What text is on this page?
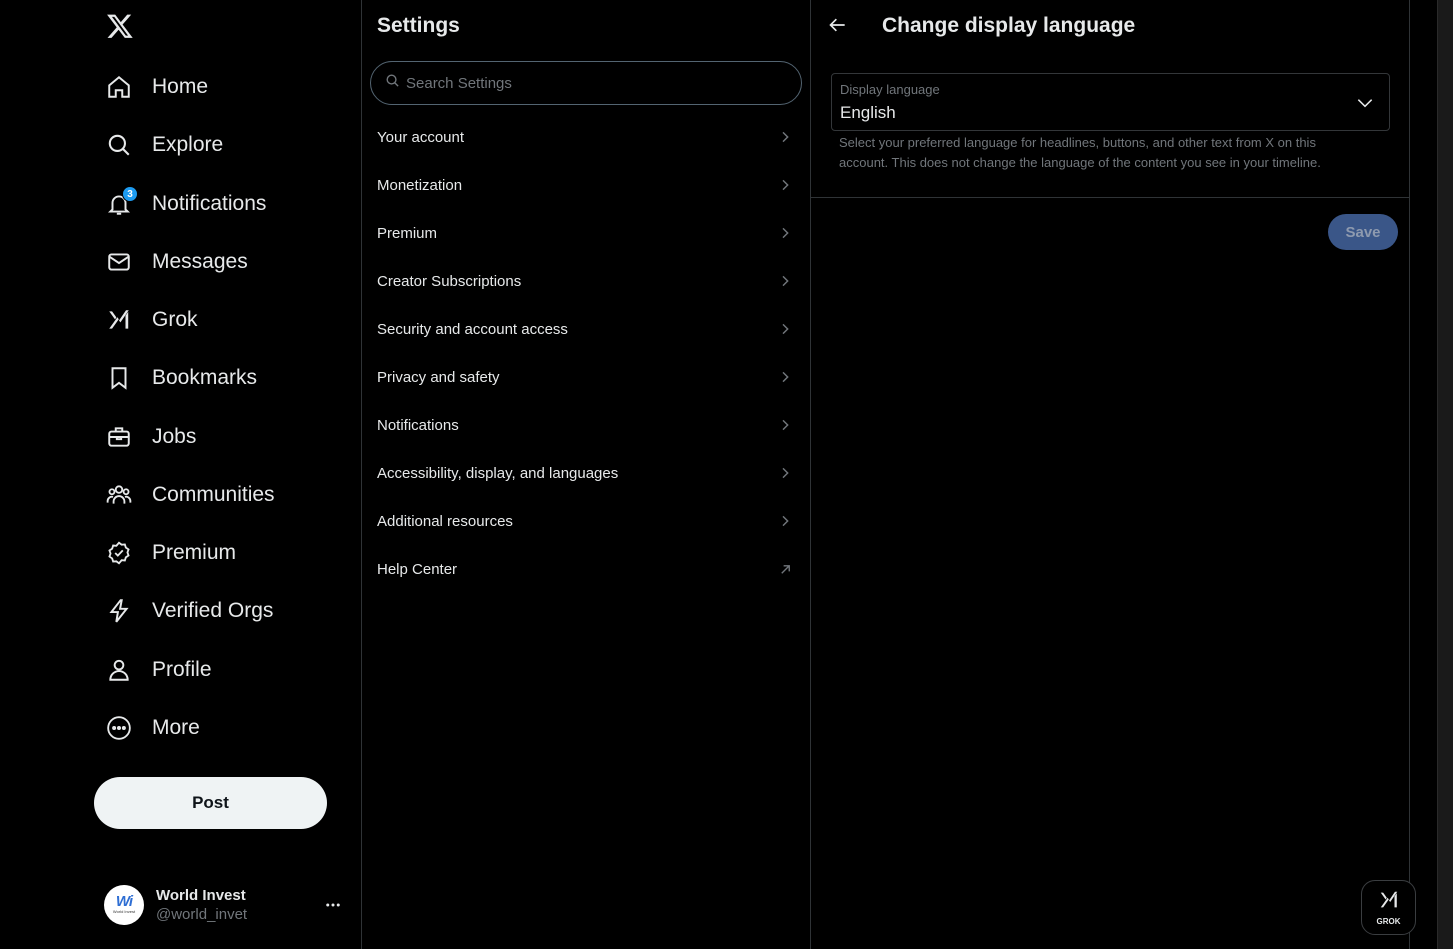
Home
Explore
3 Notifications
Messages
Grok
Bookmarks
Jobs
Communities
Premium
Verified Orgs
Profile
More
Post
Wi
World Invest
World Invest
@world_invet
Settings
Search Settings
Your account
Monetization
Premium
Creator Subscriptions
Security and account access
Privacy and safety
Notifications
Accessibility, display, and languages
Additional resources
Help Center
Change display language
Display language
English

Select your preferred language for headlines, buttons, and other text from X on this account. This does not change the language of the content you see in your timeline.

Save
GROK
